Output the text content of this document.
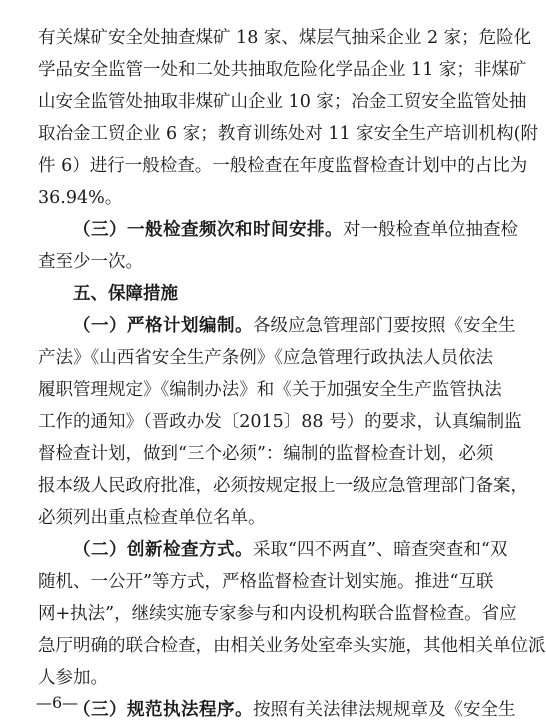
有关煤矿安全处抽查煤矿 18 家、煤层气抽采企业 2 家；危险化
学品安全监管一处和二处共抽取危险化学品企业 11 家；非煤矿
山安全监管处抽取非煤矿山企业 10 家；冶金工贸安全监管处抽
取冶金工贸企业 6 家；教育训练处对 11 家安全生产培训机构(附
件 6）进行一般检查。一般检查在年度监督检查计划中的占比为
36.94%。
（三）一般检查频次和时间安排。对一般检查单位抽查检
查至少一次。
五、保障措施
（一）严格计划编制。各级应急管理部门要按照《安全生
产法》《山西省安全生产条例》《应急管理行政执法人员依法
履职管理规定》《编制办法》和《关于加强安全生产监管执法
工作的通知》（晋政办发〔2015〕88 号）的要求，认真编制监
督检查计划，做到“三个必须”：编制的监督检查计划，必须
报本级人民政府批准，必须按规定报上一级应急管理部门备案，
必须列出重点检查单位名单。
（二）创新检查方式。采取“四不两直”、暗查突查和“双
随机、一公开”等方式，严格监督检查计划实施。推进“互联
网+执法”，继续实施专家参与和内设机构联合监督检查。省应
急厅明确的联合检查，由相关业务处室牵头实施，其他相关单位派
人参加。
（三）规范执法程序。按照有关法律法规规章及《安全生
—6—
